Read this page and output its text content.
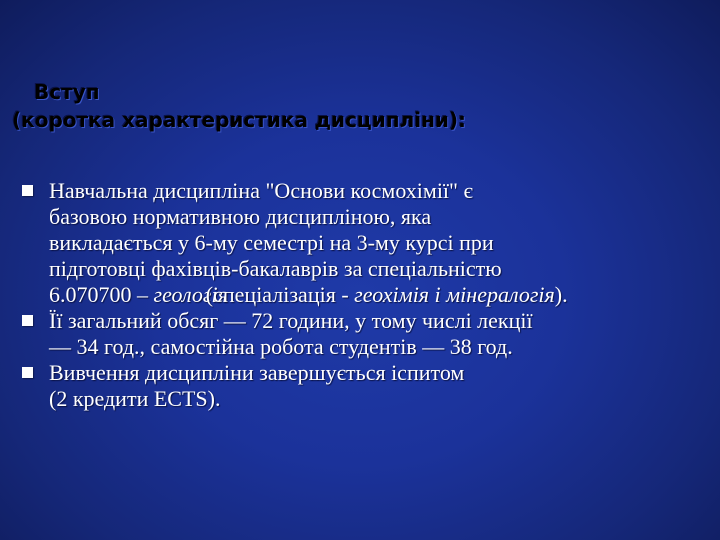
Вступ
(коротка характеристика дисципліни):
Навчальна дисципліна "Основи космохімії" є
базовою нормативною дисципліною, яка
викладається у 6-му семестрі на 3-му курсі при
підготовці фахівців‑бакалаврів за спеціальністю
6.070700 – геологія(спеціалізація - геохімія і мінералогія).
Її загальний обсяг — 72 години, у тому числі лекції
— 34 год., самостійна робота студентів — 38 год.
Вивчення дисципліни завершується іспитом
(2 кредити ECTS).
